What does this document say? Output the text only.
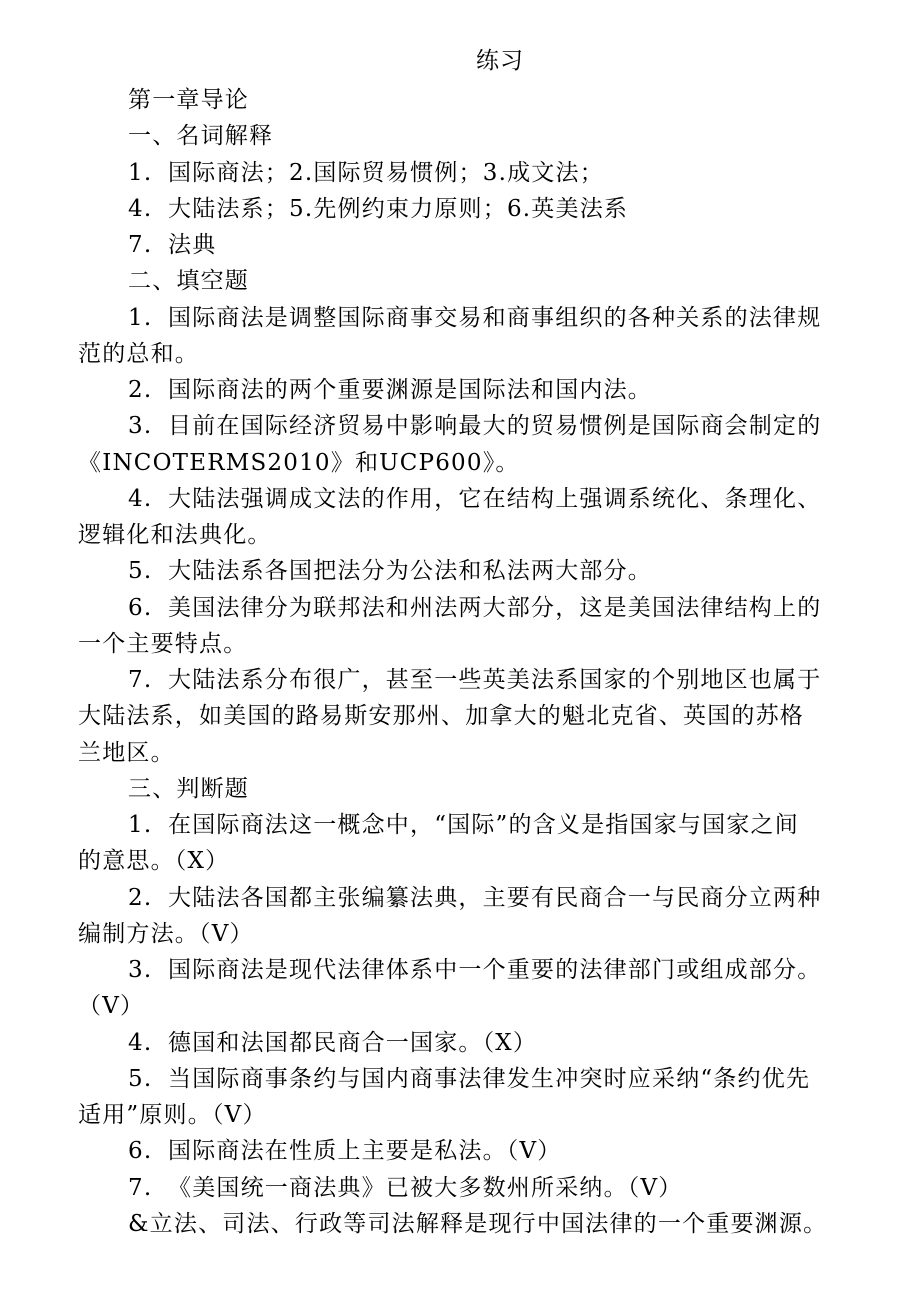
练习
第一章导论
一、名词解释
1. 国际商法；2.国际贸易惯例；3.成文法；
4. 大陆法系；5.先例约束力原则；6.英美法系
7. 法典
二、填空题
1. 国际商法是调整国际商事交易和商事组织的各种关系的法律规
范的总和。
2. 国际商法的两个重要渊源是国际法和国内法。
3. 目前在国际经济贸易中影响最大的贸易惯例是国际商会制定的
《INCOTERMS2010》和UCP600》。
4. 大陆法强调成文法的作用，它在结构上强调系统化、条理化、
逻辑化和法典化。
5. 大陆法系各国把法分为公法和私法两大部分。
6. 美国法律分为联邦法和州法两大部分，这是美国法律结构上的
一个主要特点。
7. 大陆法系分布很广，甚至一些英美法系国家的个别地区也属于
大陆法系，如美国的路易斯安那州、加拿大的魁北克省、英国的苏格
兰地区。
三、判断题
1. 在国际商法这一概念中，“国际”的含义是指国家与国家之间
的意思。（X）
2. 大陆法各国都主张编纂法典，主要有民商合一与民商分立两种
编制方法。（V）
3. 国际商法是现代法律体系中一个重要的法律部门或组成部分。
（V）
4. 德国和法国都民商合一国家。（X）
5. 当国际商事条约与国内商事法律发生冲突时应采纳“条约优先
适用”原则。（V）
6. 国际商法在性质上主要是私法。（V）
7. 《美国统一商法典》已被大多数州所采纳。（V）
&立法、司法、行政等司法解释是现行中国法律的一个重要渊源。
